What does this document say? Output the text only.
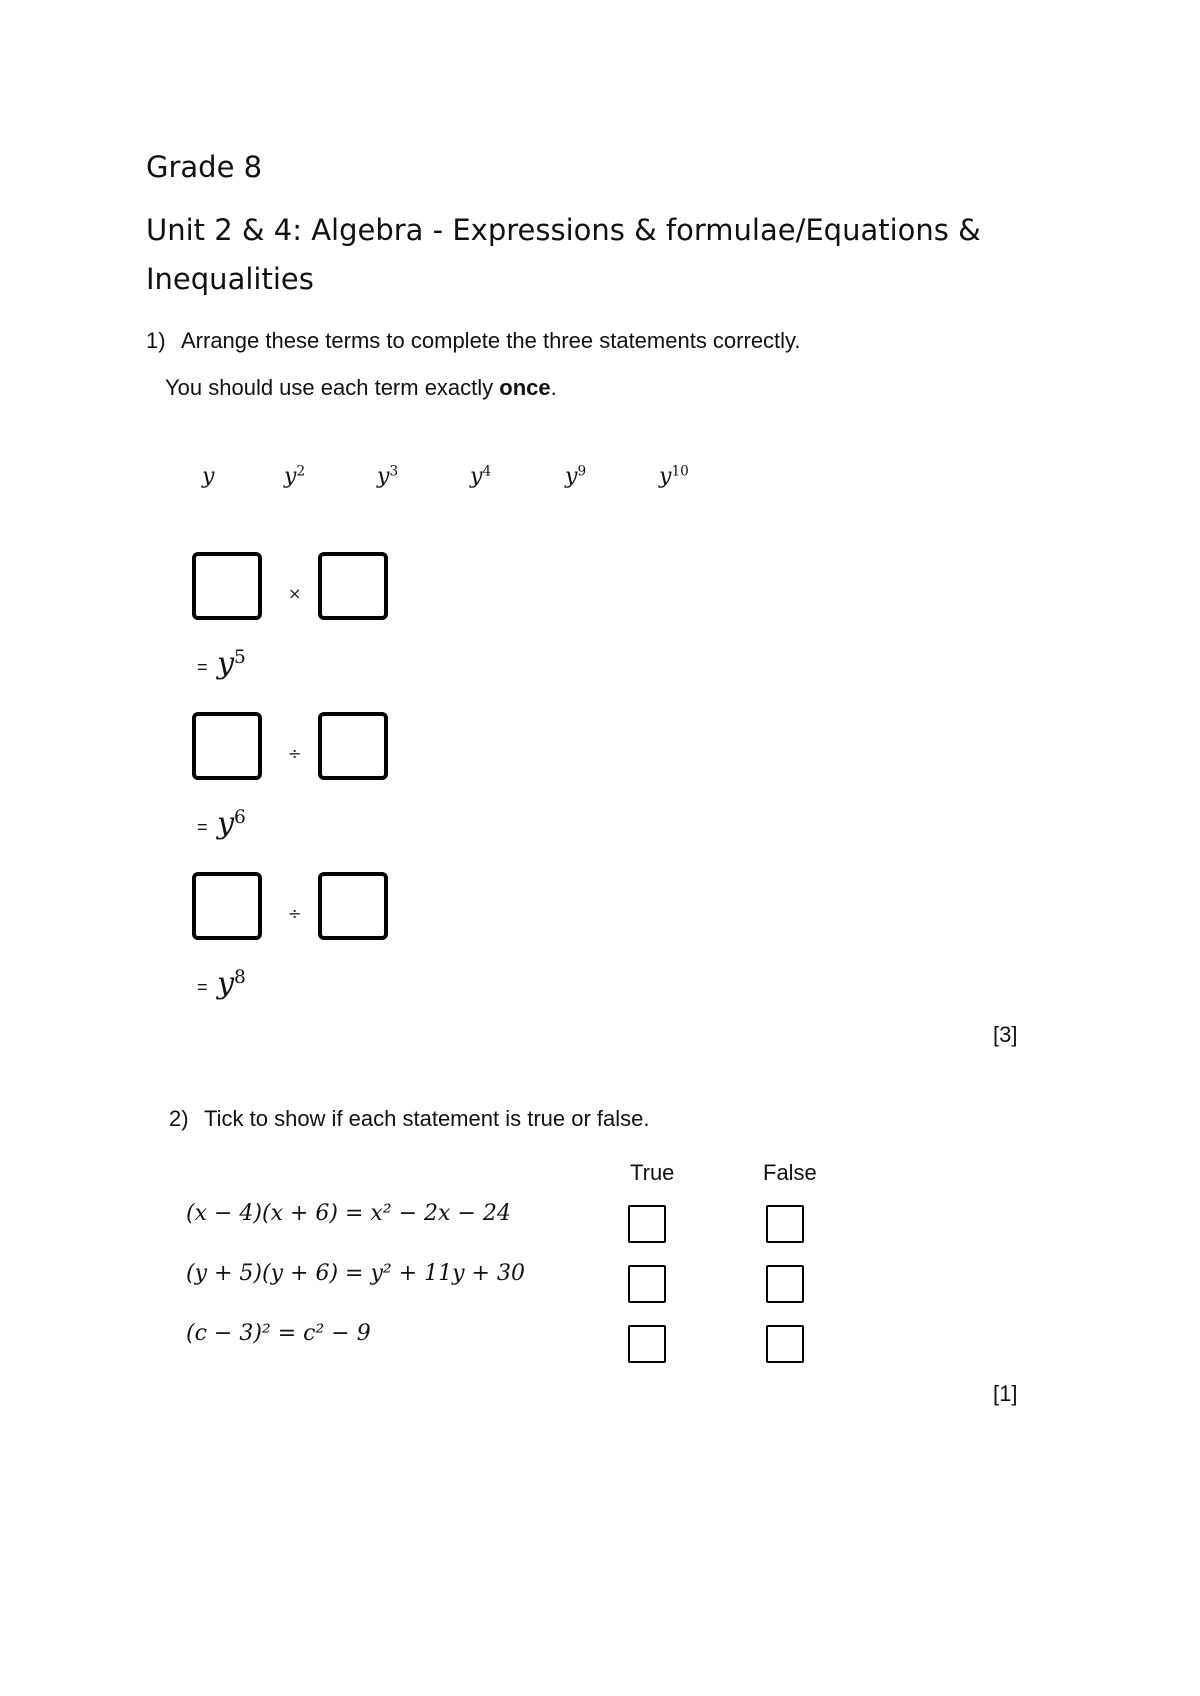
Grade 8
Unit 2 & 4: Algebra - Expressions & formulae/Equations &
Inequalities
1) Arrange these terms to complete the three statements correctly.
You should use each term exactly once.
y	$y^2$	$y^3$	$y^4$	$y^9$	$y^{10}$
×
= $y^5$
÷
= $y^6$
÷
= $y^8$
[3]
2) Tick to show if each statement is true or false.
True	False
(x − 4)(x + 6) = x² − 2x − 24
(y + 5)(y + 6) = y² + 11y + 30
(c − 3)² = c² − 9
[1]
